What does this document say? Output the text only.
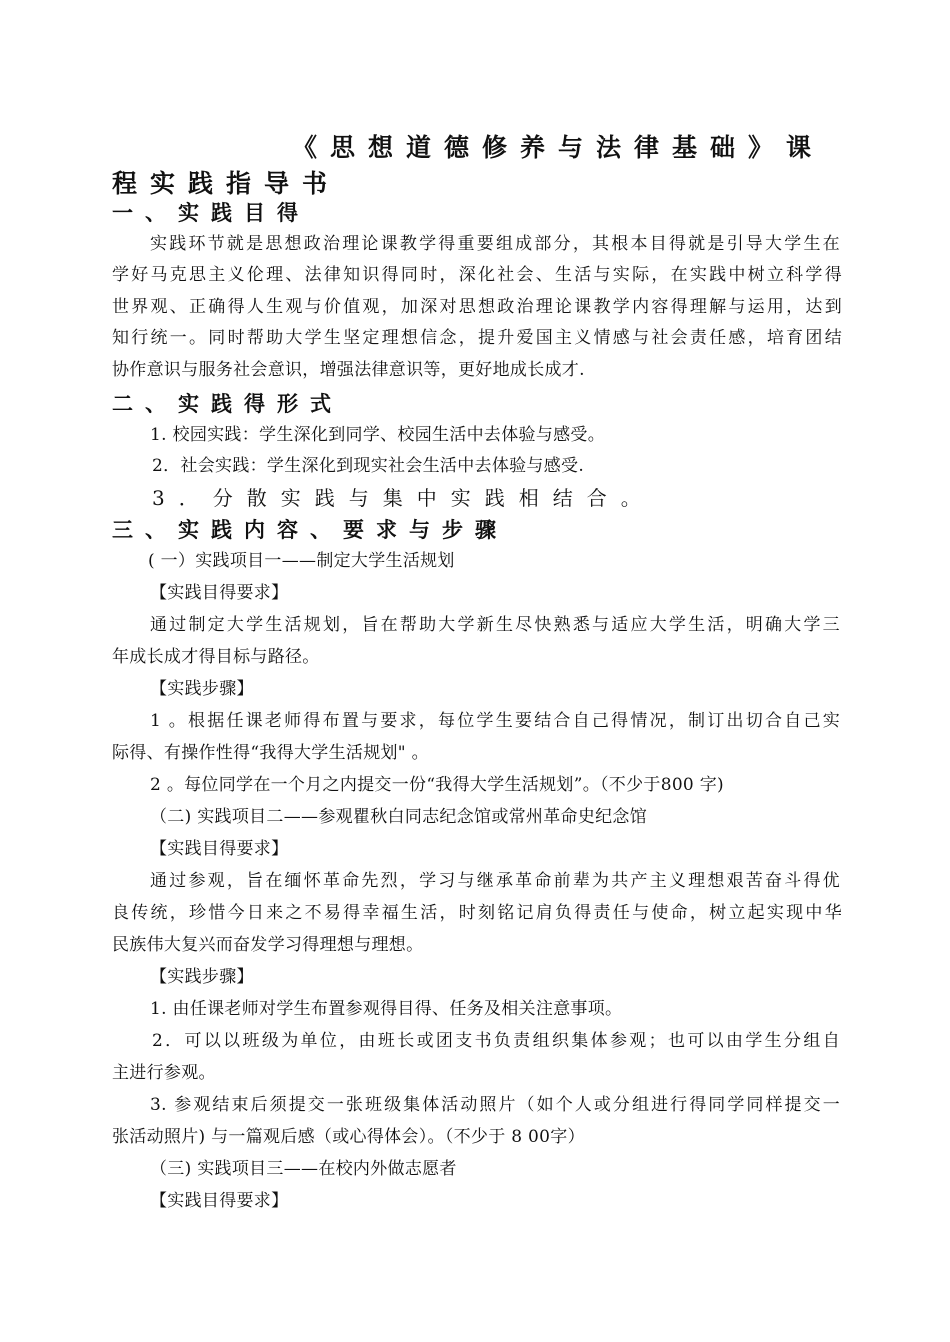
《思想道德修养与法律基础》课
程实践指导书
一、实践目得
实践环节就是思想政治理论课教学得重要组成部分，其根本目得就是引导大学生在
学好马克思主义伦理、法律知识得同时，深化社会、生活与实际，在实践中树立科学得
世界观、正确得人生观与价值观，加深对思想政治理论课教学内容得理解与运用，达到
知行统一。同时帮助大学生坚定理想信念，提升爱国主义情感与社会责任感，培育团结
协作意识与服务社会意识，增强法律意识等，更好地成长成才.
二、实践得形式
1. 校园实践：学生深化到同学、校园生活中去体验与感受。
2．社会实践：学生深化到现实社会生活中去体验与感受.
3．分散实践与集中实践相结合。
三、实践内容、要求与步骤
( 一）实践项目一——制定大学生活规划
【实践目得要求】
通过制定大学生活规划，旨在帮助大学新生尽快熟悉与适应大学生活，明确大学三
年成长成才得目标与路径。
【实践步骤】
1 。根据任课老师得布置与要求，每位学生要结合自己得情况，制订出切合自己实
际得、有操作性得“我得大学生活规划" 。
2 。每位同学在一个月之内提交一份“我得大学生活规划”。（不少于800 字)
（二) 实践项目二——参观瞿秋白同志纪念馆或常州革命史纪念馆
【实践目得要求】
通过参观，旨在缅怀革命先烈，学习与继承革命前辈为共产主义理想艰苦奋斗得优
良传统，珍惜今日来之不易得幸福生活，时刻铭记肩负得责任与使命，树立起实现中华
民族伟大复兴而奋发学习得理想与理想。
【实践步骤】
1. 由任课老师对学生布置参观得目得、任务及相关注意事项。
2．可以以班级为单位，由班长或团支书负责组织集体参观；也可以由学生分组自
主进行参观。
3. 参观结束后须提交一张班级集体活动照片（如个人或分组进行得同学同样提交一
张活动照片) 与一篇观后感（或心得体会）。（不少于 8 00字）
（三) 实践项目三——在校内外做志愿者
【实践目得要求】
